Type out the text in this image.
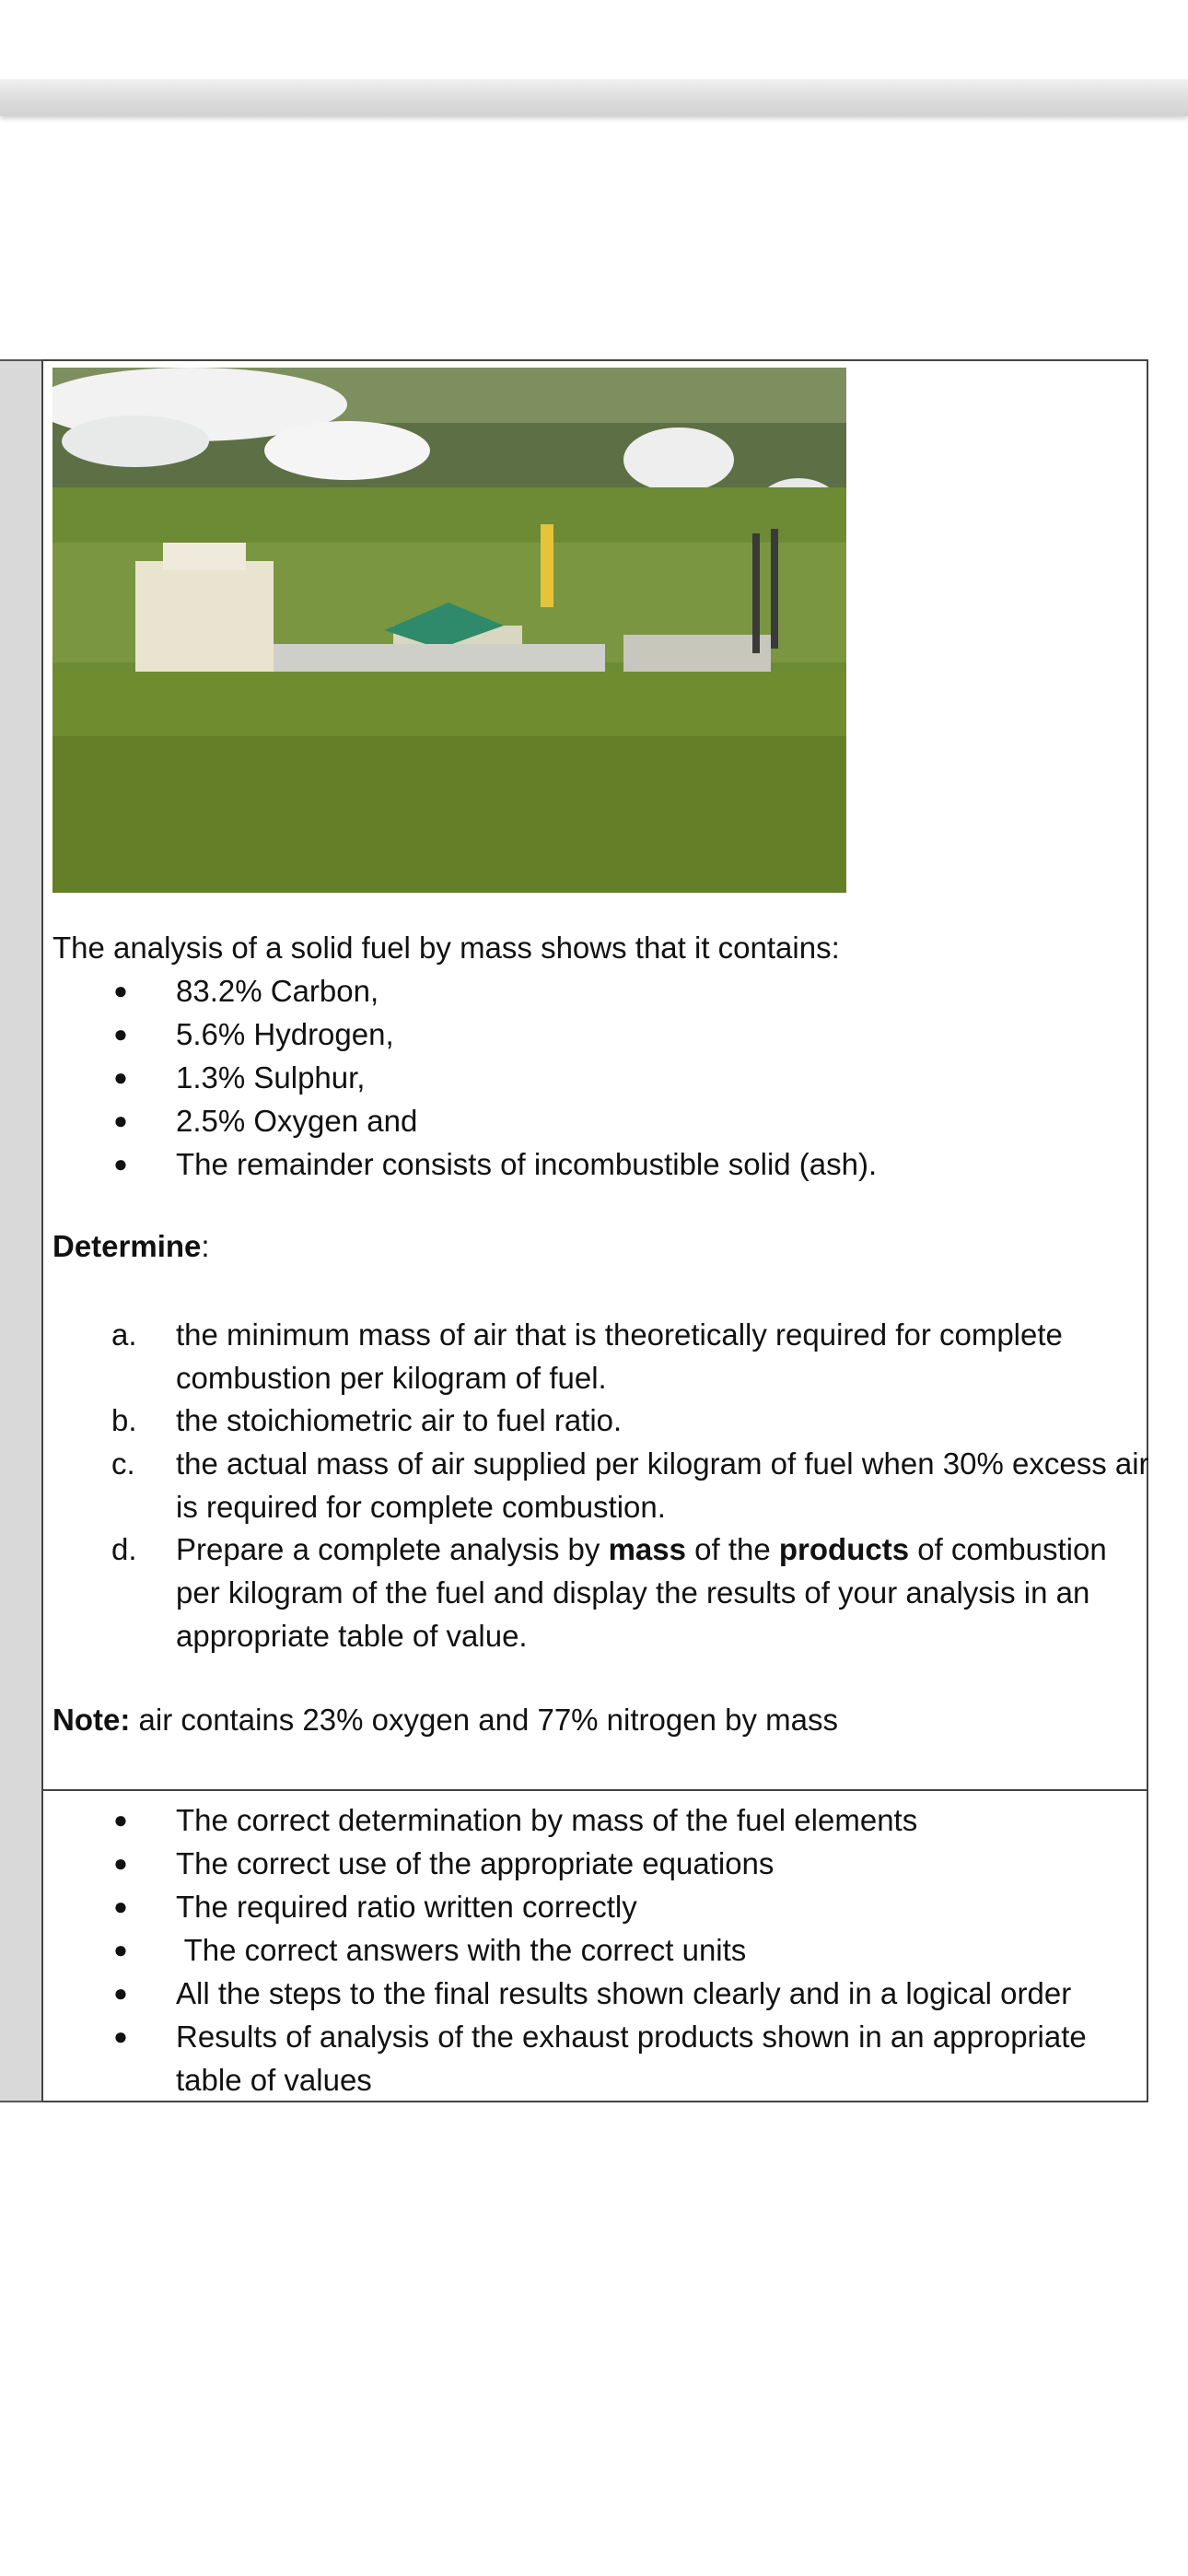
The analysis of a solid fuel by mass shows that it contains:
● 83.2% Carbon,
● 5.6% Hydrogen,
● 1.3% Sulphur,
● 2.5% Oxygen and
● The remainder consists of incombustible solid (ash).
Determine:
a. the minimum mass of air that is theoretically required for complete combustion per kilogram of fuel.
b. the stoichiometric air to fuel ratio.
c. the actual mass of air supplied per kilogram of fuel when 30% excess air is required for complete combustion.
d. Prepare a complete analysis by mass of the products of combustion per kilogram of the fuel and display the results of your analysis in an appropriate table of value.
Note: air contains 23% oxygen and 77% nitrogen by mass
● The correct determination by mass of the fuel elements
● The correct use of the appropriate equations
● The required ratio written correctly
● The correct answers with the correct units
● All the steps to the final results shown clearly and in a logical order
● Results of analysis of the exhaust products shown in an appropriate table of values
